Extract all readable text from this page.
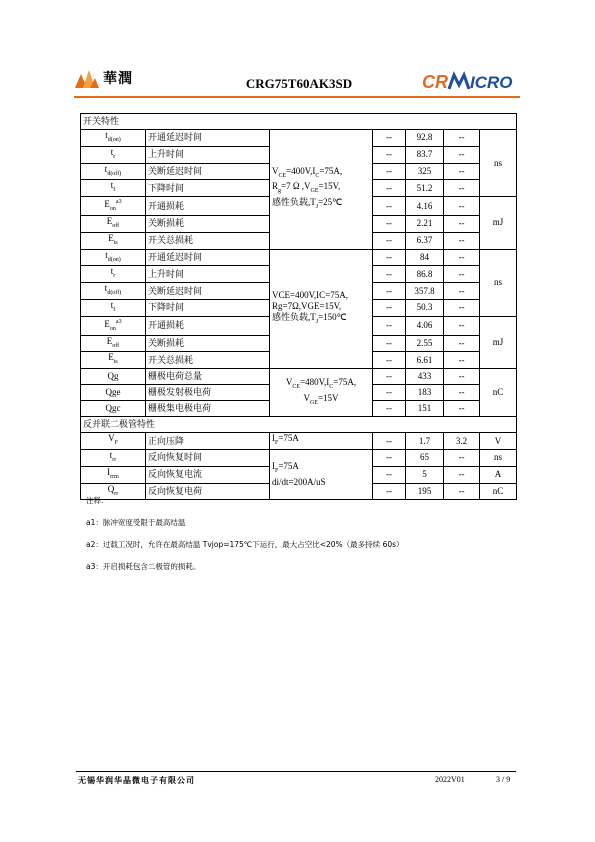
華潤	CRG75T60AK3SD	CR ICRO
开关特性						
$t_{d(on)}$	开通延迟时间	$V_{CE}=400V,I_C=75A$,
$R_g=7$ Ω $,V_{GE}=15V$,
感性负载$,T_J=25℃$	--	92.8	--	ns
$t_r$	上升时间		--	83.7	--	
$t_{d(off)}$	关断延迟时间		--	325	--	
$t_f$	下降时间		--	51.2	--	
$E_{on}^{a3}$	开通损耗		--	4.16	--	mJ
$E_{off}$	关断损耗		--	2.21	--	
$E_{ts}$	开关总损耗		--	6.37	--	
$t_{d(on)}$	开通延迟时间	VCE=400V,IC=75A,
Rg=7Ω,VGE=15V,
感性负载$,T_J=150℃$	--	84	--	ns
$t_r$	上升时间		--	86.8	--	
$t_{d(off)}$	关断延迟时间		--	357.8	--	
$t_f$	下降时间		--	50.3	--	
$E_{on}^{a3}$	开通损耗		--	4.06	--	mJ
$E_{off}$	关断损耗		--	2.55	--	
$E_{ts}$	开关总损耗		--	6.61	--	
Qg	栅极电荷总量	$V_{CE}=480V,I_C=75A$,
$V_{GE}=15V$	--	433	--	nC
Qge	栅极发射极电荷		--	183	--	
Qgc	栅极集电极电荷		--	151	--	
反并联二极管特性						
$V_F$	正向压降	$I_F=75A$	--	1.7	3.2	V
$t_{rr}$	反向恢复时间	$I_F=75A$
di/dt=200A/uS	--	65	--	ns
$I_{rrm}$	反向恢复电流		--	5	--	A
$Q_{rr}$	反向恢复电荷		--	195	--	nC
注释:
a1：脉冲宽度受限于最高结温
a2：过载工况时，允许在最高结温 Tvjop=175℃下运行，最大占空比<20%（最多持续 60s）
a3：开启损耗包含二极管的损耗。
无锡华润华晶微电子有限公司	2022V01	3 / 9
